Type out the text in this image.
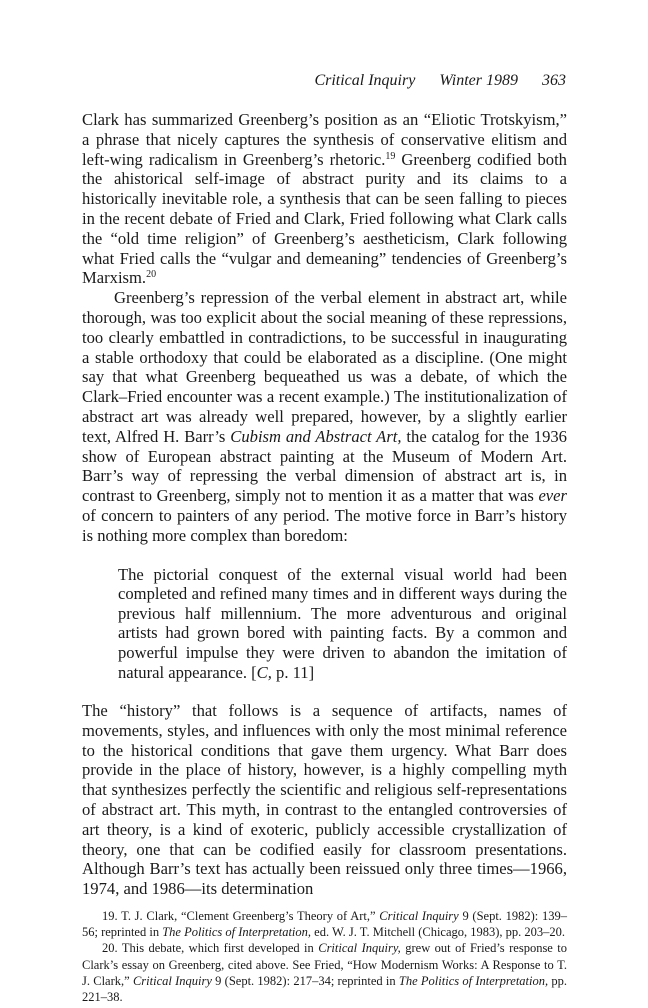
Critical Inquiry Winter 1989 363

Clark has summarized Greenberg’s position as an “Eliotic Trotskyism,” a phrase that nicely captures the synthesis of conservative elitism and left-wing radicalism in Greenberg’s rhetoric.$^{19}$ Greenberg codified both the ahistorical self-image of abstract purity and its claims to a historically inevitable role, a synthesis that can be seen falling to pieces in the recent debate of Fried and Clark, Fried following what Clark calls the “old time religion” of Greenberg’s aestheticism, Clark following what Fried calls the “vulgar and demeaning” tendencies of Greenberg’s Marxism.$^{20}$

Greenberg’s repression of the verbal element in abstract art, while thorough, was too explicit about the social meaning of these repressions, too clearly embattled in contradictions, to be successful in inaugurating a stable orthodoxy that could be elaborated as a discipline. (One might say that what Greenberg bequeathed us was a debate, of which the Clark–Fried encounter was a recent example.) The institutionalization of abstract art was already well prepared, however, by a slightly earlier text, Alfred H. Barr’s Cubism and Abstract Art, the catalog for the 1936 show of European abstract painting at the Museum of Modern Art. Barr’s way of repressing the verbal dimension of abstract art is, in contrast to Greenberg, simply not to mention it as a matter that was ever of concern to painters of any period. The motive force in Barr’s history is nothing more complex than boredom:

The pictorial conquest of the external visual world had been completed and refined many times and in different ways during the previous half millennium. The more adventurous and original artists had grown bored with painting facts. By a common and powerful impulse they were driven to abandon the imitation of natural appearance. [C, p. 11]

The “history” that follows is a sequence of artifacts, names of movements, styles, and influences with only the most minimal reference to the historical conditions that gave them urgency. What Barr does provide in the place of history, however, is a highly compelling myth that synthesizes perfectly the scientific and religious self-representations of abstract art. This myth, in contrast to the entangled controversies of art theory, is a kind of exoteric, publicly accessible crystallization of theory, one that can be codified easily for classroom presentations. Although Barr’s text has actually been reissued only three times—1966, 1974, and 1986—its determination

19. T. J. Clark, “Clement Greenberg’s Theory of Art,” Critical Inquiry 9 (Sept. 1982): 139–56; reprinted in The Politics of Interpretation, ed. W. J. T. Mitchell (Chicago, 1983), pp. 203–20.

20. This debate, which first developed in Critical Inquiry, grew out of Fried’s response to Clark’s essay on Greenberg, cited above. See Fried, “How Modernism Works: A Response to T. J. Clark,” Critical Inquiry 9 (Sept. 1982): 217–34; reprinted in The Politics of Interpretation, pp. 221–38.
